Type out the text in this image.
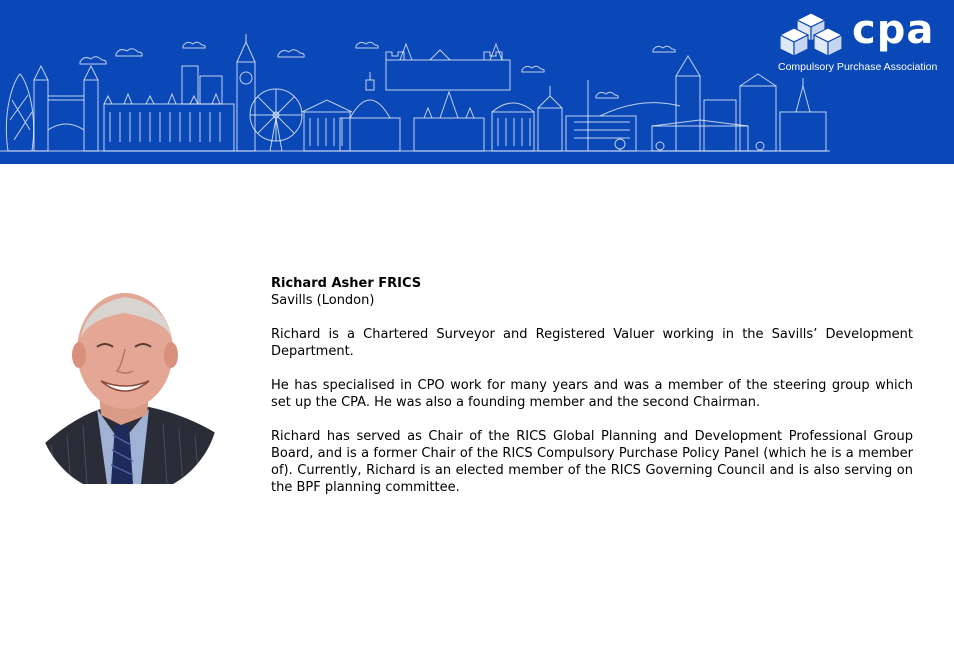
cpa
Compulsory Purchase Association

Richard Asher FRICS

Savills (London)

Richard is a Chartered Surveyor and Registered Valuer working in the Savills’ Development Department.

He has specialised in CPO work for many years and was a member of the steering group which set up the CPA. He was also a founding member and the second Chairman.

Richard has served as Chair of the RICS Global Planning and Development Professional Group Board, and is a former Chair of the RICS Compulsory Purchase Policy Panel (which he is a member of). Currently, Richard is an elected member of the RICS Governing Council and is also serving on the BPF planning committee.
